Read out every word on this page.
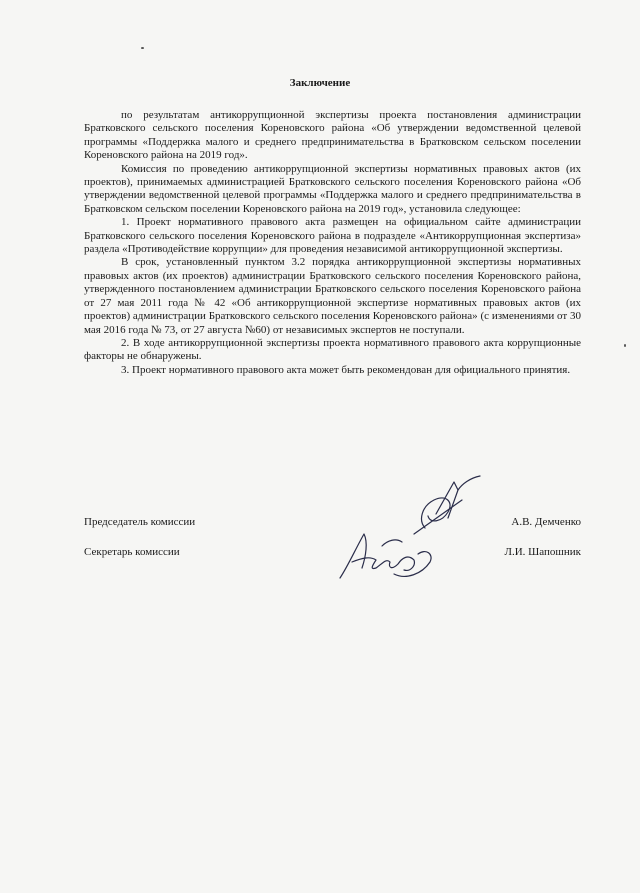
Заключение

по результатам антикоррупционной экспертизы проекта постановления администрации Братковского сельского поселения Кореновского района «Об утверждении ведомственной целевой программы «Поддержка малого и среднего предпринимательства в Братковском сельском поселении Кореновского района на 2019 год».

Комиссия по проведению антикоррупционной экспертизы нормативных правовых актов (их проектов), принимаемых администрацией Братковского сельского поселения Кореновского района «Об утверждении ведомственной целевой программы «Поддержка малого и среднего предпринимательства в Братковском сельском поселении Кореновского района на 2019 год», установила следующее:

1. Проект нормативного правового акта размещен на официальном сайте администрации Братковского сельского поселения Кореновского района в подразделе «Антикоррупционная экспертиза» раздела «Противодействие коррупции» для проведения независимой антикоррупционной экспертизы.

В срок, установленный пунктом 3.2 порядка антикоррупционной экспертизы нормативных правовых актов (их проектов) администрации Братковского сельского поселения Кореновского района, утвержденного постановлением администрации Братковского сельского поселения Кореновского района от 27 мая 2011 года № 42 «Об антикоррупционной экспертизе нормативных правовых актов (их проектов) администрации Братковского сельского поселения Кореновского района» (с изменениями от 30 мая 2016 года № 73, от 27 августа №60) от независимых экспертов не поступали.

2. В ходе антикоррупционной экспертизы проекта нормативного правового акта коррупционные факторы не обнаружены.

3. Проект нормативного правового акта может быть рекомендован для официального принятия.

Председатель комиссии	А.В. Демченко
Секретарь комиссии	Л.И. Шапошник
